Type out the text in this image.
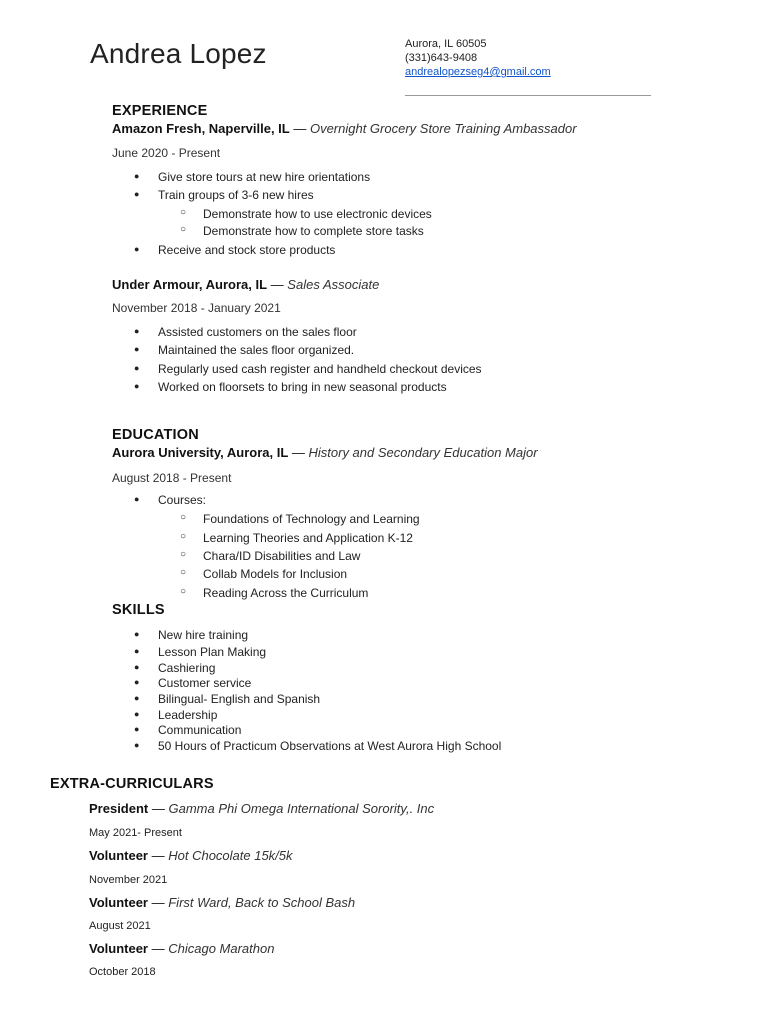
Andrea Lopez	Aurora, IL 60505
(331)643-9408
andrealopezseg4@gmail.com
EXPERIENCE
Amazon Fresh, Naperville, IL — Overnight Grocery Store Training Ambassador
June 2020 - Present
●	Give store tours at new hire orientations
●	Train groups of 3-6 new hires
○ Demonstrate how to use electronic devices
○ Demonstrate how to complete store tasks
●	Receive and stock store products
Under Armour, Aurora, IL — Sales Associate
November 2018 - January 2021
●	Assisted customers on the sales floor
●	Maintained the sales floor organized.
●	Regularly used cash register and handheld checkout devices
●	Worked on floorsets to bring in new seasonal products
EDUCATION
Aurora University, Aurora, IL — History and Secondary Education Major
August 2018 - Present
●	Courses:
○ Foundations of Technology and Learning
○ Learning Theories and Application K-12
○ Chara/ID Disabilities and Law
○ Collab Models for Inclusion
○ Reading Across the Curriculum
SKILLS
●	New hire training
●	Lesson Plan Making
●	Cashiering
●	Customer service
●	Bilingual- English and Spanish
●	Leadership
●	Communication
●	50 Hours of Practicum Observations at West Aurora High School
EXTRA-CURRICULARS
President — Gamma Phi Omega International Sorority,. Inc
May 2021- Present
Volunteer — Hot Chocolate 15k/5k
November 2021
Volunteer — First Ward, Back to School Bash
August 2021
Volunteer — Chicago Marathon
October 2018
